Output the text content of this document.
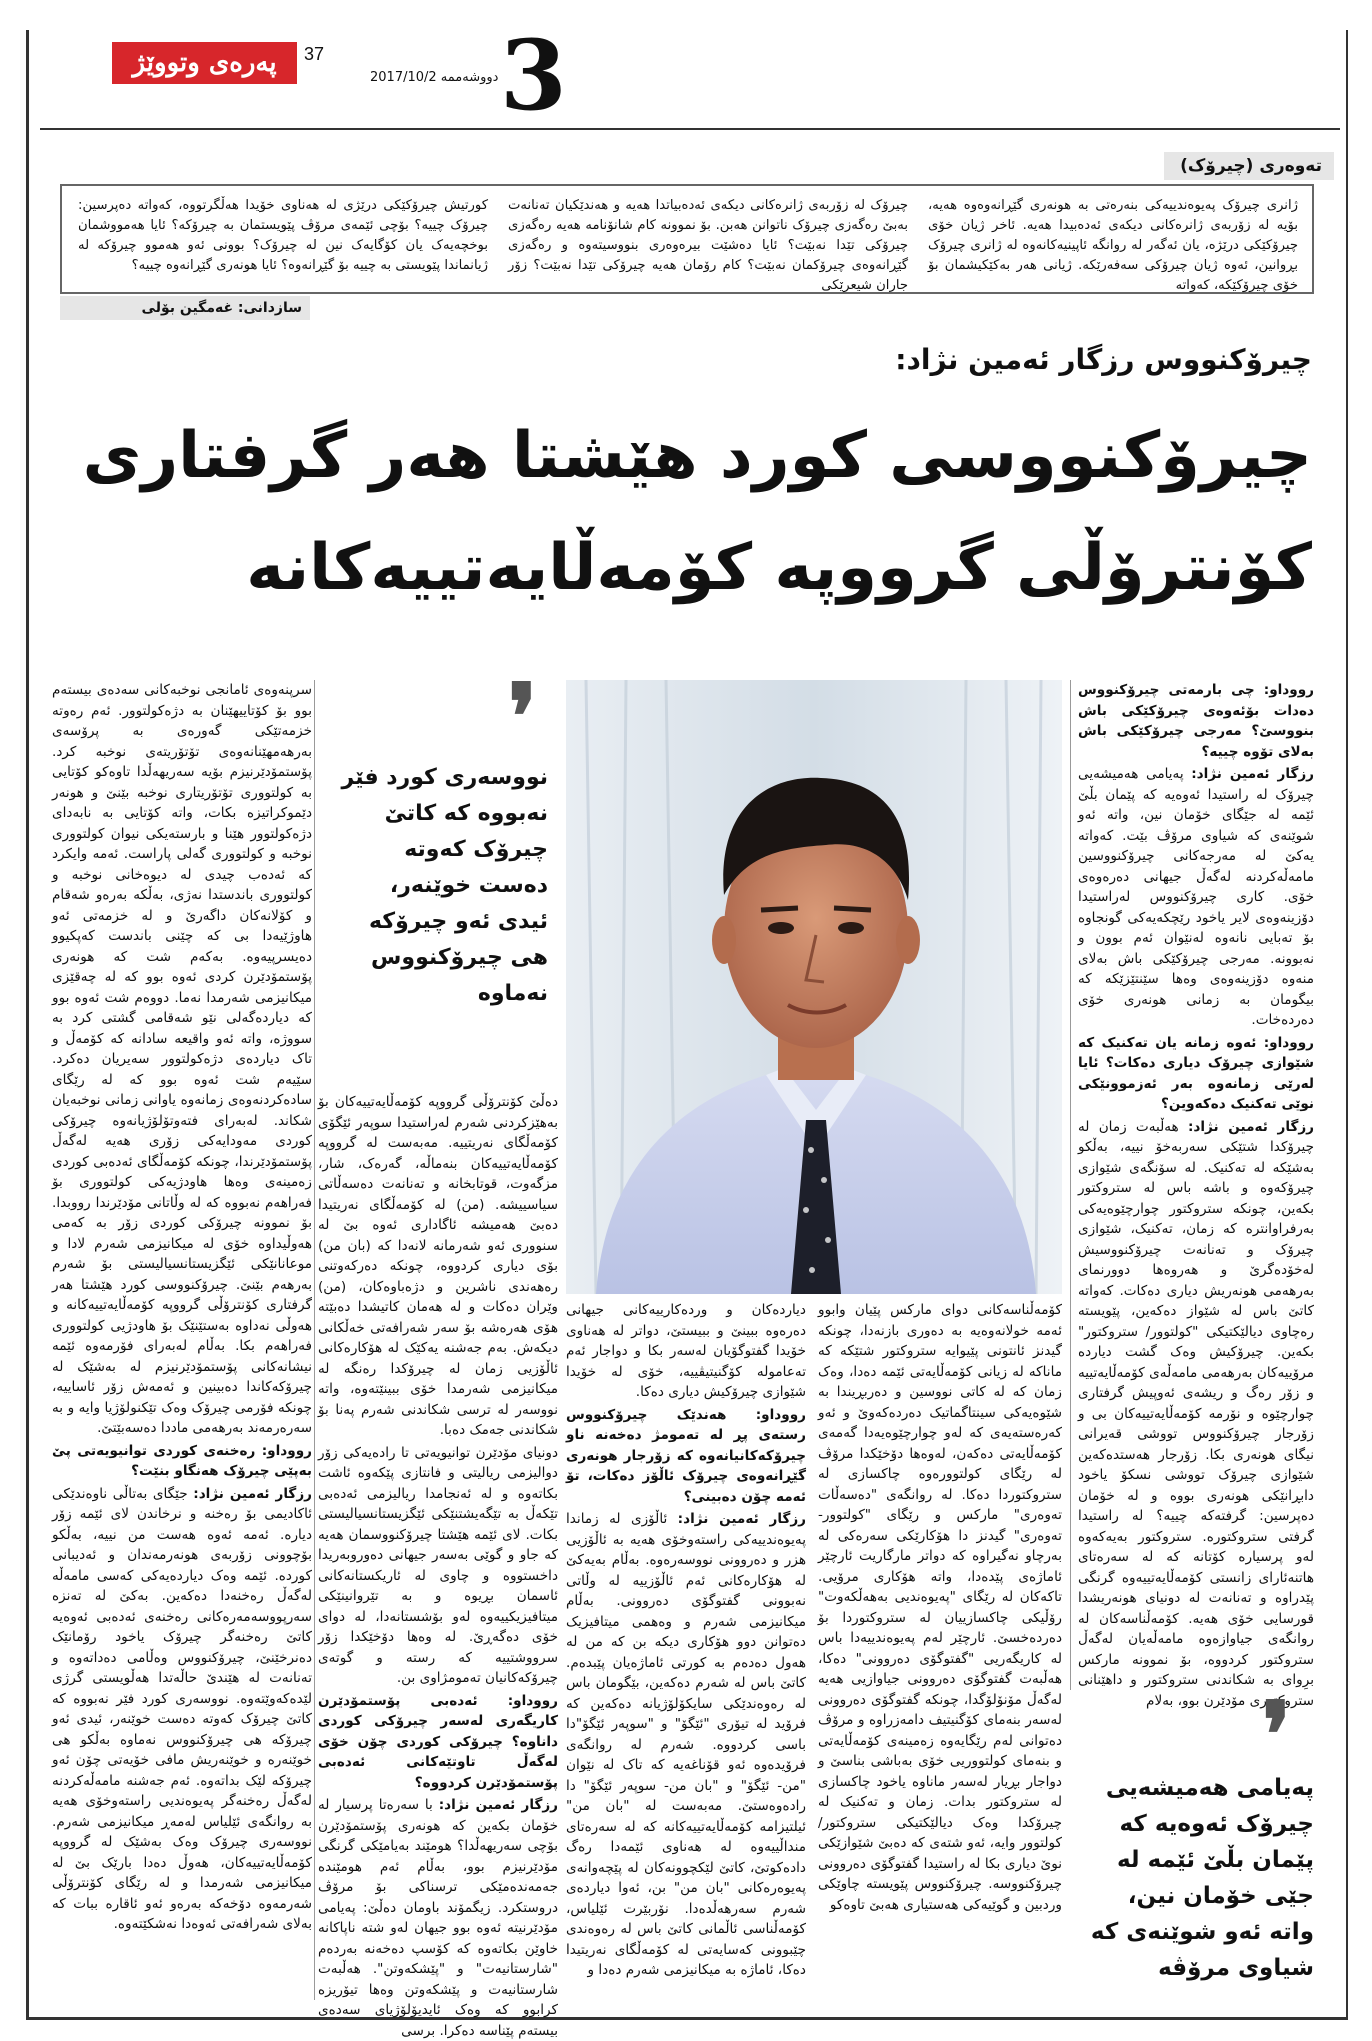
پەرەی وتووێژ	37
دووشەممە 2017/10/2 3
تەوەری (چیرۆک)
ژانری چیرۆک پەیوەندییەکی بنەرەتی بە هونەری گێڕانەوەوە هەیە، بۆیە لە زۆربەی ژانرەکانی دیکەی ئەدەبیدا هەیە. ئاخر ژیان خۆی چیرۆکێکی درێژە، یان ئەگەر لە روانگە ئاپینیەکانەوە لە ژانری چیرۆک بڕوانین، ئەوە ژیان چیرۆکی سەفەرێکە. ژیانی هەر بەکێکیشمان بۆ خۆی چیرۆکێکە، کەواتە
چیرۆک لە زۆربەی ژانرەکانی دیکەی ئەدەبیاتدا هەیە و هەندێکیان تەنانەت بەبێ رەگەزی چیرۆک ناتوانن هەبن. بۆ نموونە کام شانۆنامە هەیە رەگەزی چیرۆکی تێدا نەبێت؟ ئایا دەشێت بیرەوەری بنووسیتەوە و رەگەزی گێڕانەوەی چیرۆکمان نەبێت؟ کام رۆمان هەیە چیرۆکی تێدا نەبێت؟ زۆر جاران شیعرێکی
کورتیش چیرۆکێکی درێژی لە هەناوی خۆیدا هەڵگرتووە، کەواتە دەپرسین: چیرۆک چییە؟ بۆچی ئێمەی مرۆڤ پێویستمان بە چیرۆکە؟ ئایا هەمووشمان بوخچەیەک یان کۆگایەک نین لە چیرۆک؟ بوونی ئەو هەموو چیرۆکە لە ژیانماندا پێویستی بە چییە بۆ گێڕانەوە؟ ئایا هونەری گێڕانەوە چییە؟
سازدانی: غەمگین بۆلی
چیرۆکنووس رزگار ئەمین نژاد:
چیرۆکنووسی کورد هێشتا هەر گرفتاری
کۆنترۆڵی گرووپە کۆمەڵایەتییەکانە
رووداو: چی بارمەتی چیرۆکنووس دەدات بۆئەوەی چیرۆکێکی باش بنووسێ؟ مەرجی چیرۆکێکی باش بەلای تۆوە چییە؟
رزگار ئەمین نژاد: پەیامی هەمیشەیی چیرۆک لە راستیدا ئەوەیە کە پێمان بڵێ ئێمە لە جێگای خۆمان نین، واتە ئەو شوێنەی کە شیاوی مرۆڤ بێت. کەواتە یەکێ لە مەرجەکانی چیرۆکنووسین مامەڵەکردنە لەگەڵ جیهانی دەرەوەی خۆی. کاری چیرۆکنووس لەراستیدا دۆزینەوەی لایر یاخود رێچکەیەکی گونجاوە بۆ تەبایی نانەوە لەنێوان ئەم بوون و نەبوونە. مەرجی چیرۆکێکی باش بەلای منەوە دۆزینەوەی وەها سێنتێزێکە کە بیگومان بە زمانی هونەری خۆی دەردەخات.
رووداو: ئەوە زمانە یان تەکنیک کە شێوازی چیرۆک دیاری دەکات؟ ئایا لەرێی زمانەوە بەر ئەزموونێکی نوێی تەکنیک دەکەوین؟
رزگار ئەمین نژاد: هەڵبەت زمان لە چیرۆکدا شتێکی سەربەخۆ نییە، بەڵکو بەشێکە لە تەکنیک. لە سۆنگەی شێوازی چیرۆکەوە و باشە باس لە ستروکتور بکەین، چونکە ستروکتور چوارچێوەیەکی بەرفراوانترە کە زمان، تەکنیک، شێوازی چیرۆک و تەنانەت چیرۆکنووسیش لەخۆدەگرێ و هەروەها دوورنمای بەرهەمی هونەریش دیاری دەکات. کەواتە کاتێ باس لە شێواز دەکەین، پێویستە رەچاوی دیالێکتیکی "کولتوور/ ستروکتور" بکەین. چیرۆکیش وەک گشت دیاردە مرۆییەکان بەرهەمی مامەڵەی کۆمەڵایەتییە و زۆر رەگ و ریشەی ئەوپیش گرفتاری چوارچێوە و نۆرمە کۆمەڵایەتییەکان بی و زۆرجار چیرۆکنووس تووشی قەیرانی نیگای هونەری بکا. زۆرجار هەستدەکەین شێوازی چیرۆک تووشی نسکۆ یاخود دابڕانێکی هونەری بووە و لە خۆمان دەپرسین: گرفتەکە چییە؟ لە راستیدا گرفتی ستروکتورە. ستروکتور بەیەکەوە لەو پرسیارە کۆتانە کە لە سەرەتای هاتنەئارای زانستی کۆمەڵایەتییەوە گرنگی پێدراوە و تەنانەت لە دونیای هونەریشدا قورسایی خۆی هەیە. کۆمەڵناسەکان لە روانگەی جیاوازەوە مامەڵەیان لەگەڵ ستروکتور کردووە، بۆ نموونە مارکس برِوای بە شکاندنی ستروکتور و داهێنانی ستروکتوری مۆدێرن بوو، بەلام
❜
نووسەری کورد فێر نەبووە کە کاتێ چیرۆک کەوتە دەست خوێنەر، ئیدی ئەو چیرۆکە هی چیرۆکنووس نەماوە
سرپنەوەی ئامانجی نوخبەکانی سەدەی بیستەم بوو بۆ کۆتاییهێنان بە دژەکولتوور. ئەم رەوتە خزمەتێکی گەورەی بە پرۆسەی بەرهەمهێنانەوەی تۆتۆریتەی نوخبە کرد. پۆستمۆدێرنیزم بۆیە سەریهەڵدا تاوەکو کۆتایی بە کولتووری تۆتۆریتاری نوخبە بێنێ و هونەر دێموکراتیزە بکات، واتە کۆتایی بە نابەدای دژەکولتوور هێنا و بارستەیکی نیوان کولتووری نوخبە و کولتووری گەلی پاراست. ئەمە وایکرد کە ئەدەب چیدی لە دیوەخانی نوخبە و کولتووری باندستدا نەژی، بەڵکە بەرەو شەقام و کۆلانەکان داگەرێ و لە خزمەتی ئەو هاوژێیەدا بی کە چێنی باندست کەپکیوو دەیسرپیەوە. بەکەم شت کە هونەری پۆستمۆدێرن کردی ئەوە بوو کە لە چەقێزی میکانیزمی شەرمدا نەما. دووەم شت ئەوە بوو کە دیاردەگەلی نێو شەقامی گشتی کرد بە سووژە، واتە ئەو واقیعە سادانە کە کۆمەڵ و تاک دیاردەی دژەکولتوور سەیریان دەکرد. سێیەم شت ئەوە بوو کە لە رێگای سادەکردنەوەی زمانەوە یاوانی زمانی نوخبەیان شکاند. لەبەرای فتەوتۆلۆژیانەوە چیرۆکی کوردی مەودایەکی زۆری هەیە لەگەڵ پۆستمۆدێرندا، چونکە کۆمەڵگای ئەدەبی کوردی زەمینەی وەها هاودژیەکی کولتووری بۆ فەراهەم نەبووە کە لە وڵاتانی مۆدێرندا رووبدا. بۆ نموونە چیرۆکی کوردی زۆر بە کەمی هەوڵیداوە خۆی لە میکانیزمی شەرم لادا و موعانانێکی ئێگزیستانسیالیستی بۆ شەرم بەرهەم بێنێ. چیرۆکنووسی کورد هێشتا هەر گرفتاری کۆنترۆڵی گرووپە کۆمەڵایەتییەکانە و هەوڵی نەداوە بەستێنێک بۆ هاودژیی کولتووری فەراهەم بکا. بەڵام لەبەرای فۆرمەوە ئێمە نیشانەکانی پۆستمۆدێرنیزم لە بەشێک لە چیرۆکەکاندا دەبینین و ئەمەش زۆر ئاساییە، چونکە فۆرمی چیرۆک وەک تێکنولۆژیا وایە و بە سەرەرمەند بەرهەمی ماددا دەسەبێتێ.
رووداو: رەخنەی کوردی توانیویەتی پێ بەپێی چیرۆک هەنگاو بنێت؟
رزگار ئەمین نژاد: جێگای بەتاڵی ناوەندێکی ئاکادیمی بۆ رەخنە و نرخاندن لای ئێمە زۆر دیارە. ئەمە ئەوە هەست من نییە، بەڵکو بۆچوونی زۆربەی هونەرمەندان و ئەدیبانی کوردە. ئێمە وەک دیاردەیەکی کەسی مامەڵە لەگەڵ رەخنەدا دەکەین. بەکێ لە تەنزە سەرپووسەمەرەکانی رەخنەی ئەدەبی ئەوەیە کاتێ رەخنەگر چیرۆک یاخود رۆمانێک دەنرخێنێ، چیرۆکنووس وەڵامی دەداتەوە و تەنانەت لە هێندێ حاڵەتدا هەڵویستی گرژی لێدەکەوێتەوە. نووسەری کورد فێر نەبووە کە کاتێ چیرۆک کەوتە دەست خوێنەر، ئیدی ئەو چیرۆکە هی چیرۆکنووس نەماوە بەڵکو هی خوێنەرە و خوێنەریش مافی خۆیەتی چۆن ئەو چیرۆکە لێک بداتەوە. ئەم جەشنە مامەڵەکردنە لەگەڵ رەخنەگر پەیوەندیی راستەوخۆی هەیە بە روانگەی ئێلیاس لەمەڕ میکانیزمی شەرم. نووسەری چیرۆک وەک بەشێک لە گرووپە کۆمەڵایەتییەکان، هەوڵ دەدا بارێک بێ لە میکانیزمی شەرمدا و لە رێگای کۆنترۆڵی شەرمەوە دۆخەکە بەرەو ئەو ئاقارە ببات کە بەلای شەرافەتی ئەوەدا نەشکێتەوە.
دەڵێ کۆنترۆڵی گرووپە کۆمەڵایەتییەکان بۆ بەهێزکردنی شەرم لەراستیدا سوپەر ئێگۆی کۆمەڵگای نەریتییە. مەبەست لە گرووپە کۆمەڵایەتییەکان بنەماڵە، گەرەک، شار، مزگەوت، قوتابخانە و تەنانەت دەسەڵاتی سیاسییشە. (من) لە کۆمەڵگای نەریتیدا دەبێ هەمیشە ئاگاداری ئەوە بێ لە سنووری ئەو شەرمانە لانەدا کە (بان من) بۆی دیاری کردووە، چونکە دەرکەوتنی رەهەندی ناشرین و دژەباوەکان، (من) وێران دەکات و لە هەمان کاتیشدا دەبێتە هۆی هەرەشە بۆ سەر شەرافەتی خەڵکانی دیکەش. بەم جەشنە یەکێک لە هۆکارەکانی ئاڵۆزیی زمان لە چیرۆکدا رەنگە لە میکانیزمی شەرمدا خۆی ببینێتەوە، واتە نووسەر لە ترسی شکاندنی شەرم پەنا بۆ شکاندنی جەمک دەبا.
دونیای مۆدێرن توانیویەتی تا رادەیەکی زۆر دوالیزمی ریالیتی و فانتازی پێکەوە ئاشت بکاتەوە و لە ئەنجامدا ریالیزمی ئەدەبی تێکەڵ بە تێگەیشتنێکی ئێگزیستانسیالیستی بکات. لای ئێمە هێشتا چیرۆکنووسمان هەیە کە جاو و گوێی بەسەر جیهانی دەوروبەریدا داخستووە و چاوی لە ئاریکستانەکانی ئاسمان بڕیوە و بە تێروانینێکی میتافیزیکییەوە لەو بۆشستانەدا، لە دوای خۆی دەگەڕێ. لە وەها دۆخێکدا زۆر سرووشتییە کە رستە و گوتەی چیرۆکەکانیان تەمومژاوی بن.
رووداو: ئەدەبی پۆستمۆدێرن کاریگەری لەسەر چیرۆکی کوردی داناوە؟ چیرۆکی کوردی چۆن خۆی لەگەڵ تاوتێەکانی ئەدەبی پۆستمۆدێرن کردووە؟
رزگار ئەمین نژاد: با سەرەتا پرسیار لە خۆمان بکەین کە هونەری پۆستمۆدێرن بۆچی سەریهەڵدا؟ هومێند بەیامێکی گرنگی مۆدێرنیزم بوو، بەڵام ئەم هومێندە جەمەندەمێکی ترسناکی بۆ مرۆڤ دروستکرد. زیگمۆند باومان دەڵێ: پەیامی مۆدێرنیتە ئەوە بوو جیهان لەو شتە ناپاکانە خاوێن بکاتەوە کە کۆسپ دەخەنە بەردەم "شارستانیەت" و "پێشکەوتن". هەڵبەت شارستانیەت و پێشکەوتن وەها تیۆریزە کرابوو کە وەک ئایدیۆلۆژیای سەدەی بیستەم پێناسە دەکرا. برسی
دیاردەکان و وردەکارییەکانی جیهانی دەرەوە ببینێ و ببیستێ، دواتر لە هەناوی خۆیدا گفتوگۆیان لەسەر بکا و دواجار ئەم تەعامولە کۆگنیتیڤییە، خۆی لە خۆیدا شێوازی چیرۆکیش دیاری دەکا.
رووداو: هەندێک چیرۆکنووس رستەی پڕ لە تەمومژ دەخەنە ناو چیرۆکەکانیانەوە کە زۆرجار هونەری گێڕانەوەی چیرۆک ئاڵۆز دەکات، تۆ ئەمە چۆن دەبینی؟
رزگار ئەمین نژاد: ئاڵۆزی لە زماندا پەیوەندییەکی راستەوخۆی هەیە بە ئاڵۆزیی هزر و دەروونی نووسەرەوە. بەڵام بەیەکێ لە هۆکارەکانی ئەم ئاڵۆزییە لە وڵاتی نەبوونی گفتوگۆی دەروونی. بەڵام میکانیزمی شەرم و وەهمی میتافیزیک دەتوانن دوو هۆکاری دیکە بن کە من لە هەول دەدەم بە کورتی ئاماژەیان پێبدەم. کاتێ باس لە شەرم دەکەین، بێگومان باس لە رەوەندێکی سایکۆلۆژیانە دەکەین کە فرۆید لە تیۆری "ئێگۆ" و "سوپەر ئێگۆ"دا باسی کردووە. شەرم لە روانگەی فرۆیدەوە ئەو قۆناغەیە کە تاک لە نێوان "من- ئێگۆ" و "بان من- سوپەر ئێگۆ" دا رادەوەستێ. مەبەست لە "بان من" ئیلتیزامە کۆمەڵایەتییەکانە کە لە سەرەتای منداڵییەوە لە هەناوی ئێمەدا رەگ دادەکوتێ، کاتێ لێکچوونەکان لە پێچەوانەی پەیوەرەکانی "بان من" بن، ئەوا دیاردەی شەرم سەرهەڵدەدا. نۆربێرت ئێلیاس، کۆمەڵناسی ئاڵمانی کاتێ باس لە رەوەندی چێبوونی کەسایەتی لە کۆمەڵگای نەریتیدا دەکا، ئاماژە بە میکانیزمی شەرم دەدا و
کۆمەڵناسەکانی دوای مارکس پێیان وابوو ئەمە خولانەوەیە بە دەوری بازنەدا، چونکە گیدنز ئانتونی پێیوایە ستروکتور شتێکە کە ماناکە لە زیانی کۆمەڵایەتی ئێمە دەدا، وەک زمان کە لە کاتی نووسین و دەربڕیندا بە شێوەیەکی سینتاگماتیک دەردەکەوێ و ئەو کەرەستەیەی کە لەو چوارچێوەیەدا گەمەی کۆمەڵایەتی دەکەن، لەوەها دۆخێکدا مرۆڤ لە رێگای کولتوورەوە چاکسازی لە ستروکتوردا دەکا. لە روانگەی "دەسەڵات تەوەری" مارکس و رێگای "کولتوور-تەوەری" گیدنز دا هۆکارێکی سەرەکی لە بەرچاو نەگیراوە کە دواتر مارگاریت ئارچێر ئاماژەی پێدەدا، واتە هۆکاری مرۆیی. تاکەکان لە رێگای "پەیوەندیی بەهەڵکەوت" رۆڵیکی چاکسازییان لە ستروکتوردا بۆ دەردەخسێ. ئارچێر لەم پەیوەندییەدا باس لە کاریگەریی "گفتوگۆی دەروونی" دەکا، هەڵبەت گفتوگۆی دەروونی جیاوازیی هەیە لەگەڵ مۆنۆلۆگدا، چونکە گفتوگۆی دەروونی لەسەر بنەمای کۆگنیتیف دامەزراوە و مرۆڤ دەتوانی لەم رێگایەوە زەمینەی کۆمەڵایەتی و بنەمای کولتووریی خۆی بەباشی بناسێ و دواجار بڕیار لەسەر ماناوە یاخود چاکسازی لە ستروکتور بدات. زمان و تەکنیک لە چیرۆکدا وەک دیالێکتیکی ستروکتور/ کولتوور وایە، ئەو شتەی کە دەبێ شێوازێکی نوێ دیاری بکا لە راستیدا گفتوگۆی دەروونی چیرۆکنووسە. چیرۆکنووس پێویستە چاوێکی وردبین و گوێیەکی هەستیاری هەبێ تاوەکو
❜
پەیامی هەمیشەیی چیرۆک ئەوەیە کە پێمان بڵێ ئێمە لە جێی خۆمان نین، واتە ئەو شوێنەی کە شیاوی مرۆڤە
